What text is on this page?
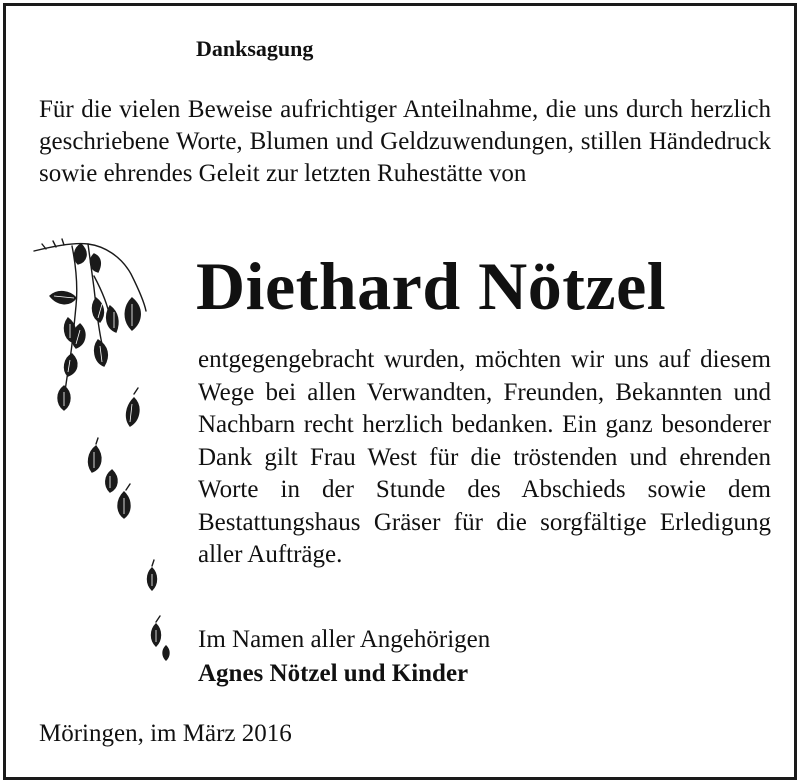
Danksagung
Für die vielen Beweise aufrichtiger Anteilnahme, die uns durch herzlich geschriebene Worte, Blumen und Geldzuwendungen, stillen Händedruck sowie ehrendes Geleit zur letzten Ruhestätte von
Diethard Nötzel
entgegengebracht wurden, möchten wir uns auf diesem Wege bei allen Verwandten, Freunden, Bekannten und Nachbarn recht herzlich bedanken. Ein ganz besonderer Dank gilt Frau West für die tröstenden und ehrenden Worte in der Stunde des Abschieds sowie dem Bestattungshaus Gräser für die sorgfältige Erledigung aller Aufträge.
Im Namen aller Angehörigen
Agnes Nötzel und Kinder
Möringen, im März 2016
